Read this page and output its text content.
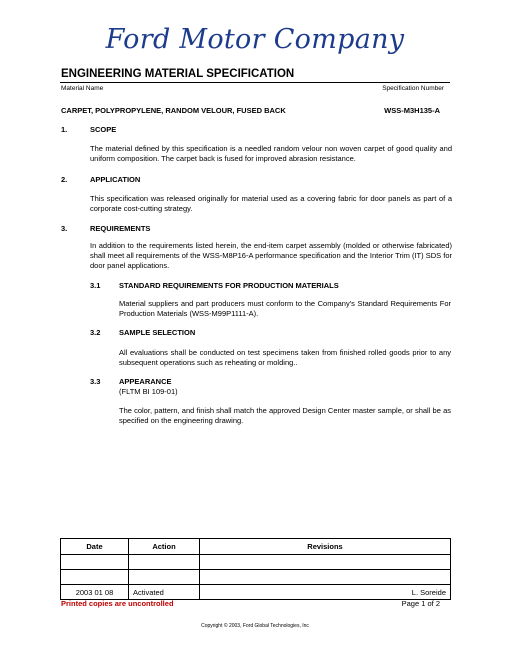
Ford Motor Company
ENGINEERING MATERIAL SPECIFICATION
Material Name	Specification Number
CARPET, POLYPROPYLENE, RANDOM VELOUR, FUSED BACK	WSS-M3H135-A
1.	SCOPE
The material defined by this specification is a needled random velour non woven carpet of good quality and uniform composition. The carpet back is fused for improved abrasion resistance.
2.	APPLICATION
This specification was released originally for material used as a covering fabric for door panels as part of a corporate cost-cutting strategy.
3.	REQUIREMENTS
In addition to the requirements listed herein, the end-item carpet assembly (molded or otherwise fabricated) shall meet all requirements of the WSS-M8P16-A performance specification and the Interior Trim (IT) SDS for door panel applications.
3.1 STANDARD REQUIREMENTS FOR PRODUCTION MATERIALS
Material suppliers and part producers must conform to the Company's Standard Requirements For Production Materials (WSS-M99P1111-A).
3.2 SAMPLE SELECTION
All evaluations shall be conducted on test specimens taken from finished rolled goods prior to any subsequent operations such as reheating or molding..
3.3 APPEARANCE
(FLTM BI 109-01)
The color, pattern, and finish shall match the approved Design Center master sample, or shall be as specified on the engineering drawing.
Date	Action	Revisions

2003 01 08	Activated	L. Soreide
Printed copies are uncontrolled	Page 1 of 2
Copyright © 2003, Ford Global Technologies, Inc
